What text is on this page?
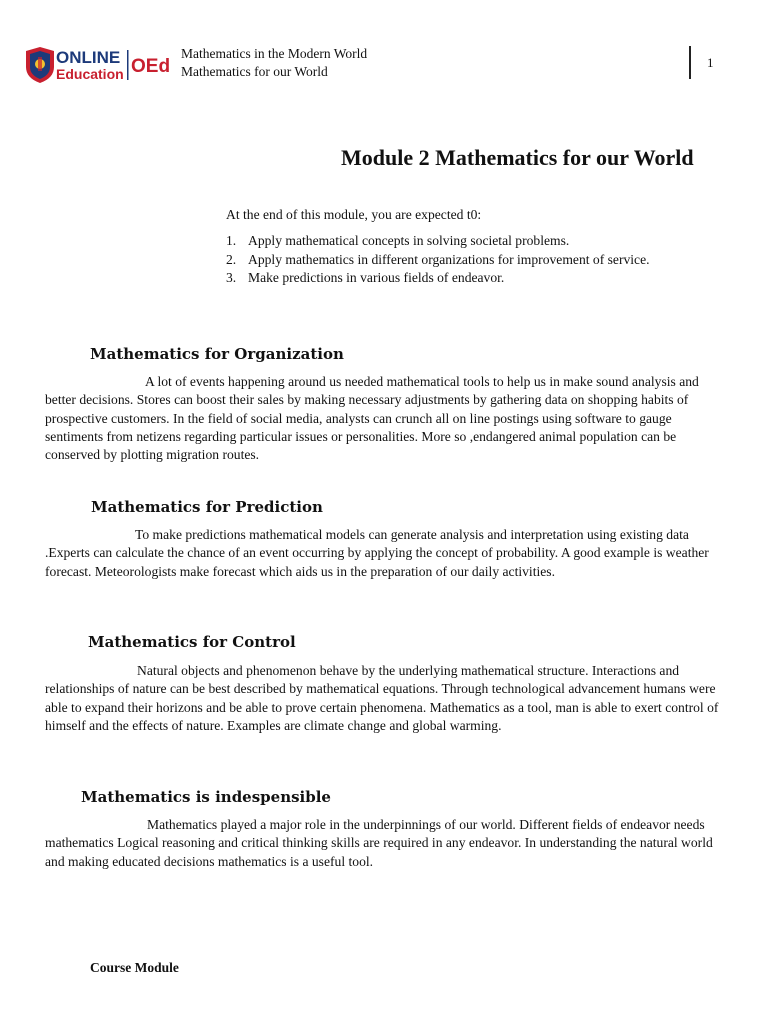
ONLINE
Education OEd
Mathematics in the Modern World
Mathematics for our World
1
Module 2 Mathematics for our World
At the end of this module, you are expected t0:
1. Apply mathematical concepts in solving societal problems.
2. Apply mathematics in different organizations for improvement of service.
3. Make predictions in various fields of endeavor.
Mathematics for Organization

A lot of events happening around us needed mathematical tools to help us in make sound analysis and better decisions. Stores can boost their sales by making necessary adjustments by gathering data on shopping habits of prospective customers. In the field of social media, analysts can crunch all on line postings using software to gauge sentiments from netizens regarding particular issues or personalities. More so ,endangered animal population can be conserved by plotting migration routes.

Mathematics for Prediction

To make predictions mathematical models can generate analysis and interpretation using existing data .Experts can calculate the chance of an event occurring by applying the concept of probability. A good example is weather forecast. Meteorologists make forecast which aids us in the preparation of our daily activities.

Mathematics for Control

Natural objects and phenomenon behave by the underlying mathematical structure. Interactions and relationships of nature can be best described by mathematical equations. Through technological advancement humans were able to expand their horizons and be able to prove certain phenomena. Mathematics as a tool, man is able to exert control of himself and the effects of nature. Examples are climate change and global warming.

Mathematics is indespensible

Mathematics played a major role in the underpinnings of our world. Different fields of endeavor needs mathematics Logical reasoning and critical thinking skills are required in any endeavor. In understanding the natural world and making educated decisions mathematics is a useful tool.

Course Module
